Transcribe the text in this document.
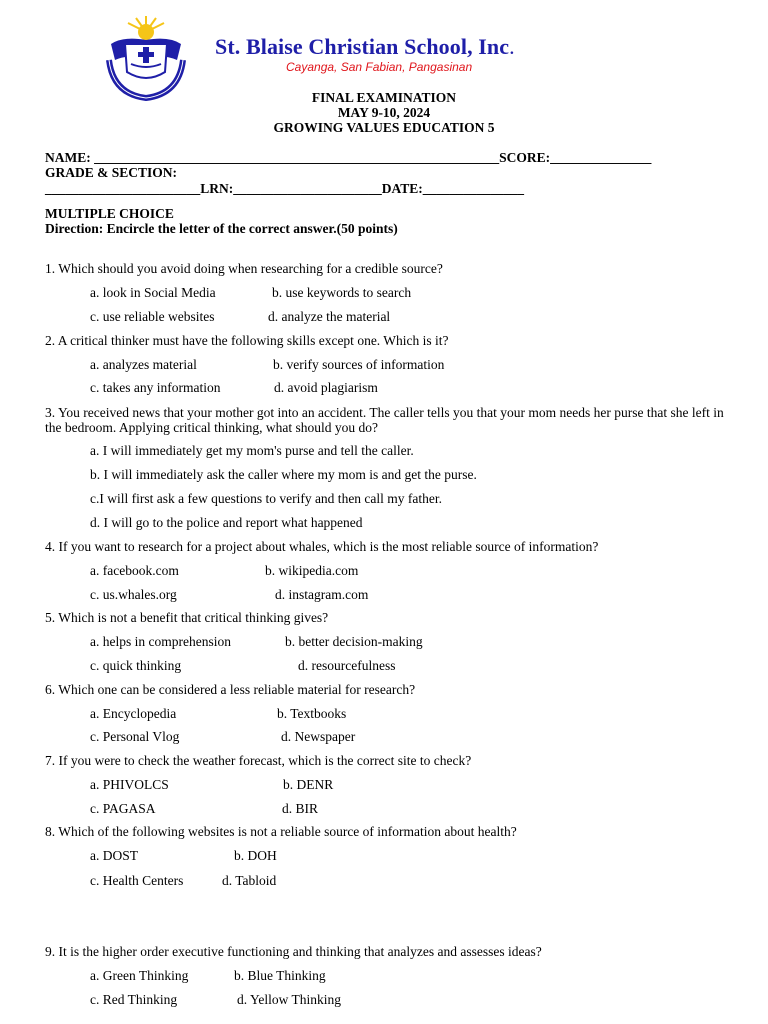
St. Blaise Christian School, Inc.
Cayanga, San Fabian, Pangasinan
FINAL EXAMINATION
MAY 9-10, 2024
GROWING VALUES EDUCATION 5
NAME: ____________________________________________________________SCORE:_______________
GRADE & SECTION:
_______________________LRN:______________________DATE:_______________
MULTIPLE CHOICE
Direction: Encircle the letter of the correct answer.(50 points)
1. Which should you avoid doing when researching for a credible source?
a. look in Social Media	b. use keywords to search
c. use reliable websites	d. analyze the material
2. A critical thinker must have the following skills except one. Which is it?
a. analyzes material	b. verify sources of information
c. takes any information	d. avoid plagiarism
3. You received news that your mother got into an accident. The caller tells you that your mom needs her purse that she left in the bedroom. Applying critical thinking, what should you do?
a. I will immediately get my mom's purse and tell the caller.
b. I will immediately ask the caller where my mom is and get the purse.
c.I will first ask a few questions to verify and then call my father.
d. I will go to the police and report what happened
4. If you want to research for a project about whales, which is the most reliable source of information?
a. facebook.com	b. wikipedia.com
c. us.whales.org	d. instagram.com
5. Which is not a benefit that critical thinking gives?
a. helps in comprehension	b. better decision-making
c. quick thinking	d. resourcefulness
6. Which one can be considered a less reliable material for research?
a. Encyclopedia	b. Textbooks
c. Personal Vlog	d. Newspaper
7. If you were to check the weather forecast, which is the correct site to check?
a. PHIVOLCS	b. DENR
c. PAGASA	d. BIR
8. Which of the following websites is not a reliable source of information about health?
a. DOST	b. DOH
c. Health Centers	d. Tabloid
9. It is the higher order executive functioning and thinking that analyzes and assesses ideas?
a. Green Thinking	b. Blue Thinking
c. Red Thinking	d. Yellow Thinking
